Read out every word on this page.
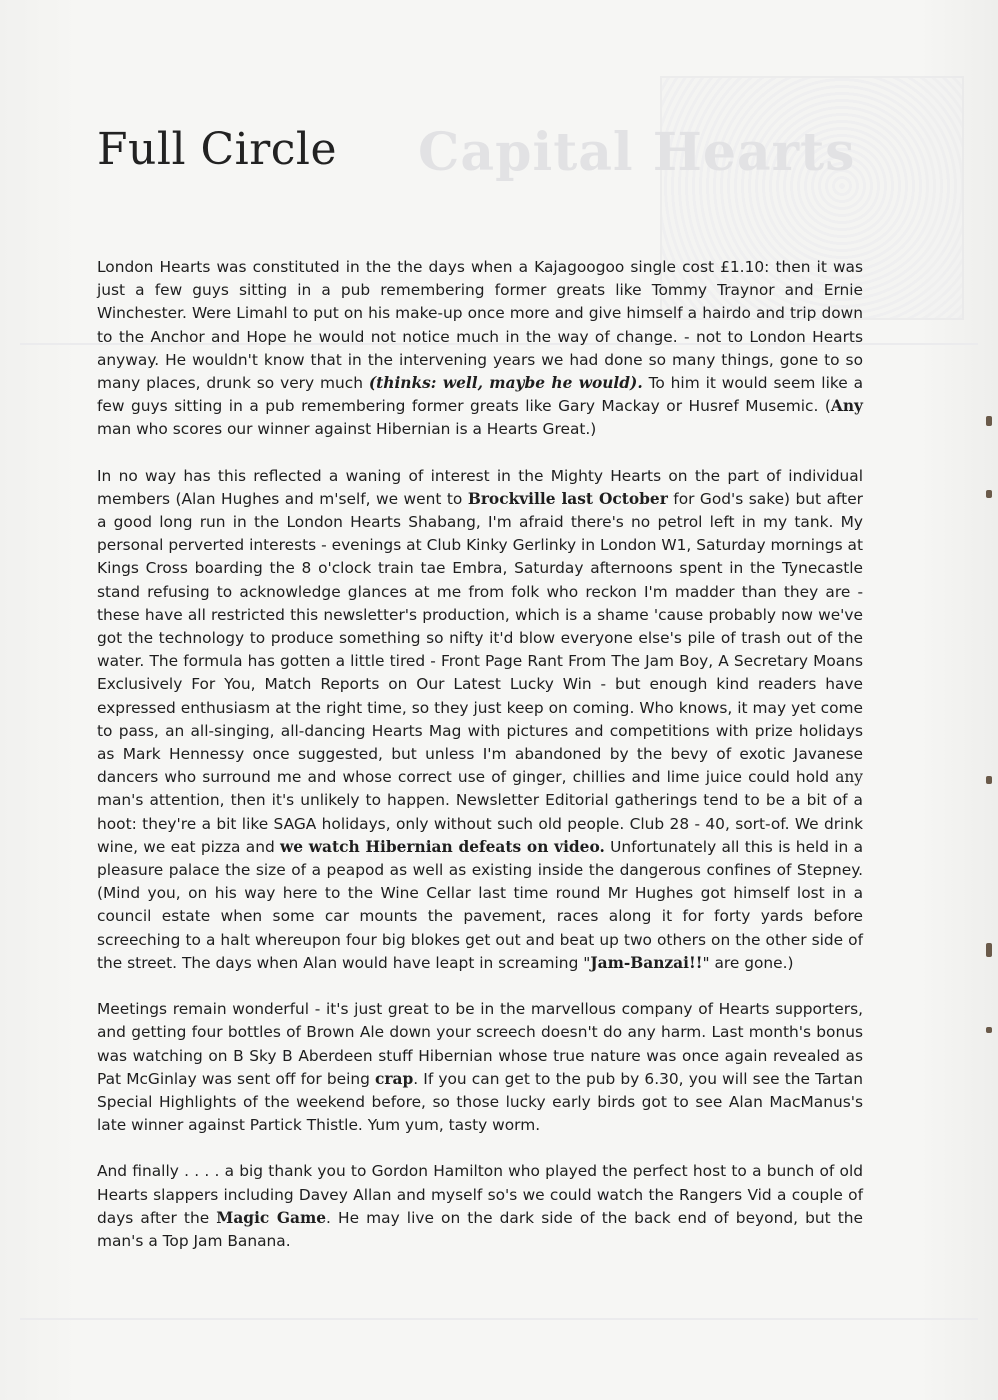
Capital Hearts
Full Circle

London Hearts was constituted in the the days when a Kajagoogoo single cost £1.10: then it was just a few guys sitting in a pub remembering former greats like Tommy Traynor and Ernie Winchester. Were Limahl to put on his make-up once more and give himself a hairdo and trip down to the Anchor and Hope he would not notice much in the way of change. - not to London Hearts anyway. He wouldn't know that in the intervening years we had done so many things, gone to so many places, drunk so very much (thinks: well, maybe he would). To him it would seem like a few guys sitting in a pub remembering former greats like Gary Mackay or Husref Musemic. (Any man who scores our winner against Hibernian is a Hearts Great.)

In no way has this reflected a waning of interest in the Mighty Hearts on the part of individual members (Alan Hughes and m'self, we went to Brockville last October for God's sake) but after a good long run in the London Hearts Shabang, I'm afraid there's no petrol left in my tank. My personal perverted interests - evenings at Club Kinky Gerlinky in London W1, Saturday mornings at Kings Cross boarding the 8 o'clock train tae Embra, Saturday afternoons spent in the Tynecastle stand refusing to acknowledge glances at me from folk who reckon I'm madder than they are - these have all restricted this newsletter's production, which is a shame 'cause probably now we've got the technology to produce something so nifty it'd blow everyone else's pile of trash out of the water. The formula has gotten a little tired - Front Page Rant From The Jam Boy, A Secretary Moans Exclusively For You, Match Reports on Our Latest Lucky Win - but enough kind readers have expressed enthusiasm at the right time, so they just keep on coming. Who knows, it may yet come to pass, an all-singing, all-dancing Hearts Mag with pictures and competitions with prize holidays as Mark Hennessy once suggested, but unless I'm abandoned by the bevy of exotic Javanese dancers who surround me and whose correct use of ginger, chillies and lime juice could hold any man's attention, then it's unlikely to happen. Newsletter Editorial gatherings tend to be a bit of a hoot: they're a bit like SAGA holidays, only without such old people. Club 28 - 40, sort-of. We drink wine, we eat pizza and we watch Hibernian defeats on video. Unfortunately all this is held in a pleasure palace the size of a peapod as well as existing inside the dangerous confines of Stepney. (Mind you, on his way here to the Wine Cellar last time round Mr Hughes got himself lost in a council estate when some car mounts the pavement, races along it for forty yards before screeching to a halt whereupon four big blokes get out and beat up two others on the other side of the street. The days when Alan would have leapt in screaming "Jam-Banzai!!" are gone.)

Meetings remain wonderful - it's just great to be in the marvellous company of Hearts supporters, and getting four bottles of Brown Ale down your screech doesn't do any harm. Last month's bonus was watching on B Sky B Aberdeen stuff Hibernian whose true nature was once again revealed as Pat McGinlay was sent off for being crap. If you can get to the pub by 6.30, you will see the Tartan Special Highlights of the weekend before, so those lucky early birds got to see Alan MacManus's late winner against Partick Thistle. Yum yum, tasty worm.

And finally . . . . a big thank you to Gordon Hamilton who played the perfect host to a bunch of old Hearts slappers including Davey Allan and myself so's we could watch the Rangers Vid a couple of days after the Magic Game. He may live on the dark side of the back end of beyond, but the man's a Top Jam Banana.
